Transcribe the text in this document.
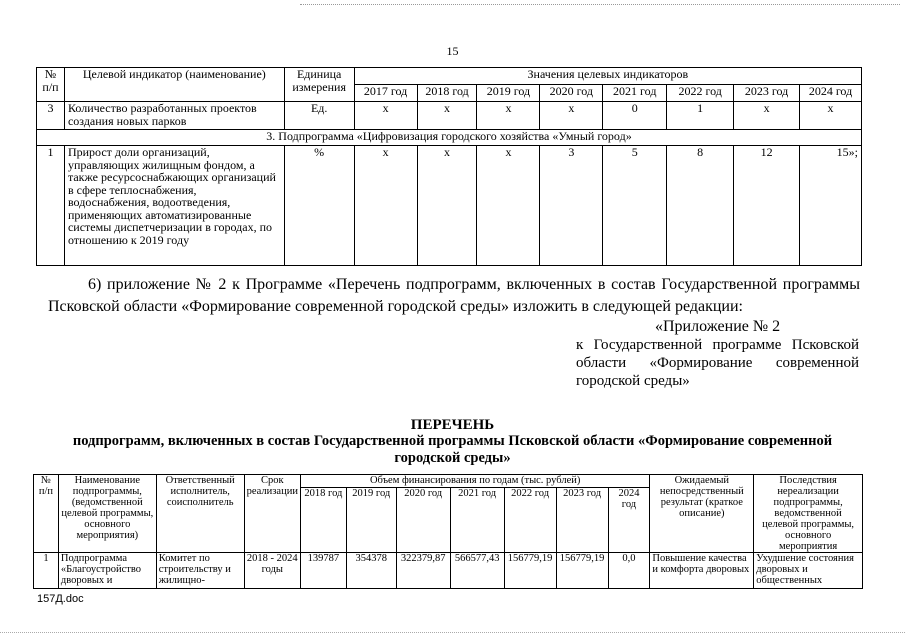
15
№ п/п	Целевой индикатор (наименование)	Единица измерения	Значения целевых индикаторов							
			2017 год	2018 год	2019 год	2020 год	2021 год	2022 год	2023 год	2024 год
3	Количество разработанных проектов создания новых парков	Ед.	х	х	х	х	0	1	х	х
3. Подпрограмма «Цифровизация городского хозяйства «Умный город»										
1	Прирост доли организаций, управляющих жилищным фондом, а также ресурсоснабжающих организаций в сфере теплоснабжения, водоснабжения, водоотведения, применяющих автоматизированные системы диспетчеризации в городах, по отношению к 2019 году	%	х	х	х	3	5	8	12	15»;
6) приложение № 2 к Программе «Перечень подпрограмм, включенных в состав Государственной программы Псковской области «Формирование современной городской среды» изложить в следующей редакции:
«Приложение № 2
к Государственной программе Псковской области «Формирование современной городской среды»
ПЕРЕЧЕНЬ
подпрограмм, включенных в состав Государственной программы Псковской области «Формирование современной городской среды»
№ п/п	Наименование подпрограммы, (ведомственной целевой программы, основного мероприятия)	Ответственный исполнитель, соисполнитель	Срок реализации	Объем финансирования по годам (тыс. рублей)							Ожидаемый непосредственный результат (краткое описание)	Последствия нереализации подпрограммы, ведомственной целевой программы, основного мероприятия
				2018 год	2019 год	2020 год	2021 год	2022 год	2023 год	2024 год		
1	Подпрограмма «Благоустройство дворовых и	Комитет по строительству и жилищно-	2018 - 2024 годы	139787	354378	322379,87	566577,43	156779,19	156779,19	0,0	Повышение качества и комфорта дворовых	Ухудшение состояния дворовых и общественных
157Д.doc
